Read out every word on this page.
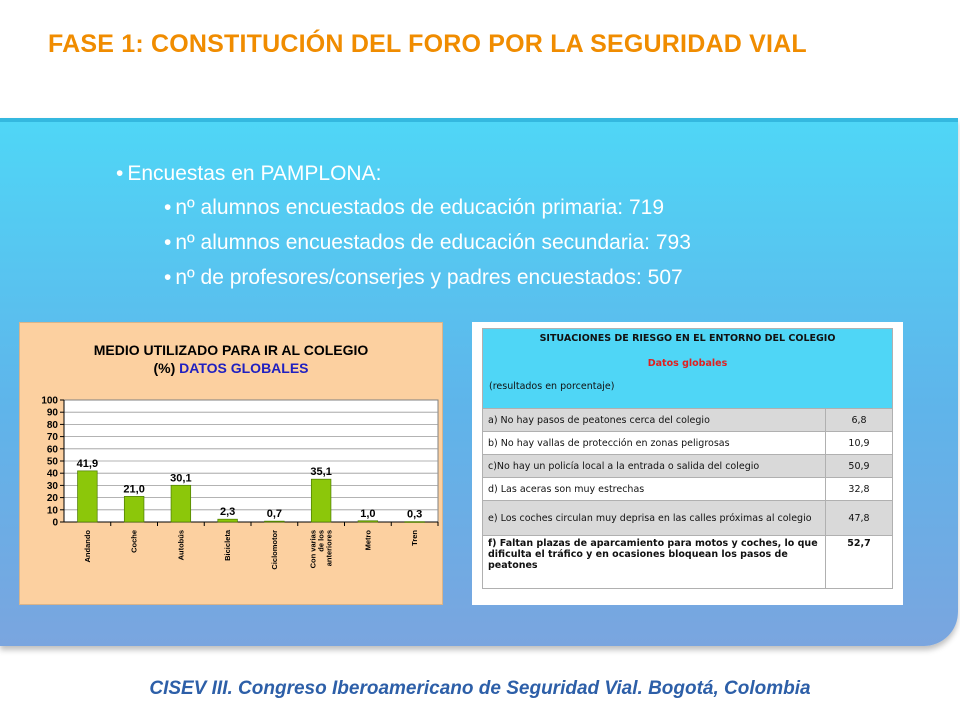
FASE 1: CONSTITUCIÓN DEL FORO POR LA SEGURIDAD VIAL
• Encuestas en PAMPLONA:
• nº alumnos encuestados de educación primaria: 719
• nº alumnos encuestados de educación secundaria: 793
• nº de profesores/conserjes y padres encuestados: 507
MEDIO UTILIZADO PARA IR AL COLEGIO
(%) DATOS GLOBALES
0
10
20
30
40
50
60
70
80
90
100
41,9
Andando
21,0
Coche
30,1
Autobús
2,3
Bicicleta
0,7
Ciclomotor
35,1
Con variasde losanteriores
1,0
Metro
0,3
Tren
SITUACIONES DE RIESGO EN EL ENTORNO DEL COLEGIO
Datos globales
(resultados en porcentaje)	

a) No hay pasos de peatones cerca del colegio	6,8
b) No hay vallas de protección en zonas peligrosas	10,9
c)No hay un policía local a la entrada o salida del colegio	50,9
d) Las aceras son muy estrechas	32,8
e) Los coches circulan muy deprisa en las calles próximas al colegio	47,8
f) Faltan plazas de aparcamiento para motos y coches, lo que dificulta el tráfico y en ocasiones bloquean los pasos de peatones	52,7
CISEV III. Congreso Iberoamericano de Seguridad Vial. Bogotá, Colombia
